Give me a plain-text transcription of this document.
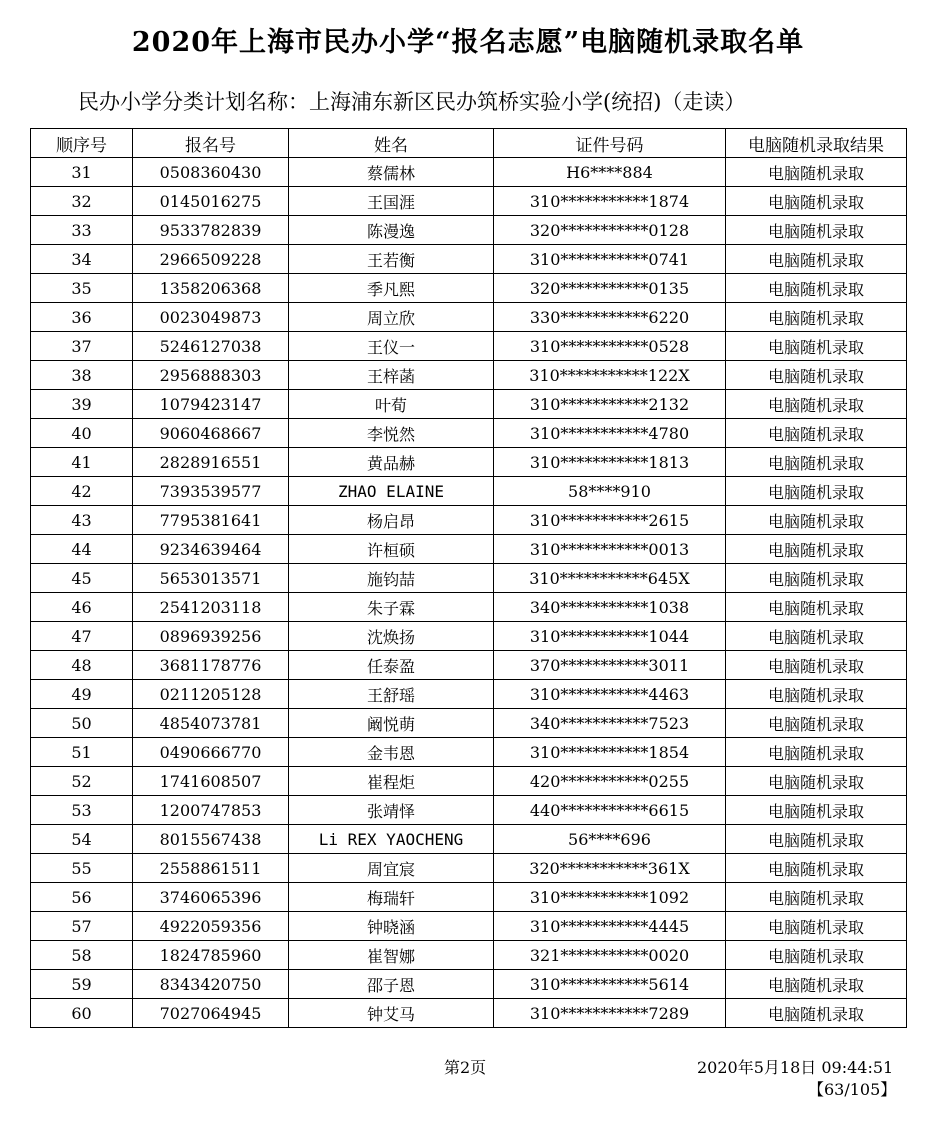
2020年上海市民办小学“报名志愿”电脑随机录取名单
民办小学分类计划名称：上海浦东新区民办筑桥实验小学(统招)（走读）
顺序号	报名号	姓名	证件号码	电脑随机录取结果
31	0508360430	蔡儒林	H6****884	电脑随机录取
32	0145016275	王国涯	310***********1874	电脑随机录取
33	9533782839	陈漫逸	320***********0128	电脑随机录取
34	2966509228	王若衡	310***********0741	电脑随机录取
35	1358206368	季凡熙	320***********0135	电脑随机录取
36	0023049873	周立欣	330***********6220	电脑随机录取
37	5246127038	王仪一	310***********0528	电脑随机录取
38	2956888303	王梓菡	310***********122X	电脑随机录取
39	1079423147	叶荀	310***********2132	电脑随机录取
40	9060468667	李悦然	310***********4780	电脑随机录取
41	2828916551	黄品赫	310***********1813	电脑随机录取
42	7393539577	ZHAO ELAINE	58****910	电脑随机录取
43	7795381641	杨启昂	310***********2615	电脑随机录取
44	9234639464	许桓硕	310***********0013	电脑随机录取
45	5653013571	施钧喆	310***********645X	电脑随机录取
46	2541203118	朱子霖	340***********1038	电脑随机录取
47	0896939256	沈焕扬	310***********1044	电脑随机录取
48	3681178776	任泰盈	370***********3011	电脑随机录取
49	0211205128	王舒瑶	310***********4463	电脑随机录取
50	4854073781	阚悦萌	340***********7523	电脑随机录取
51	0490666770	金韦恩	310***********1854	电脑随机录取
52	1741608507	崔程炬	420***********0255	电脑随机录取
53	1200747853	张靖怿	440***********6615	电脑随机录取
54	8015567438	Li REX YAOCHENG	56****696	电脑随机录取
55	2558861511	周宜宸	320***********361X	电脑随机录取
56	3746065396	梅瑞轩	310***********1092	电脑随机录取
57	4922059356	钟晓涵	310***********4445	电脑随机录取
58	1824785960	崔智娜	321***********0020	电脑随机录取
59	8343420750	邵子恩	310***********5614	电脑随机录取
60	7027064945	钟艾马	310***********7289	电脑随机录取
第2页	2020年5月18日 09:44:51
【63/105】
